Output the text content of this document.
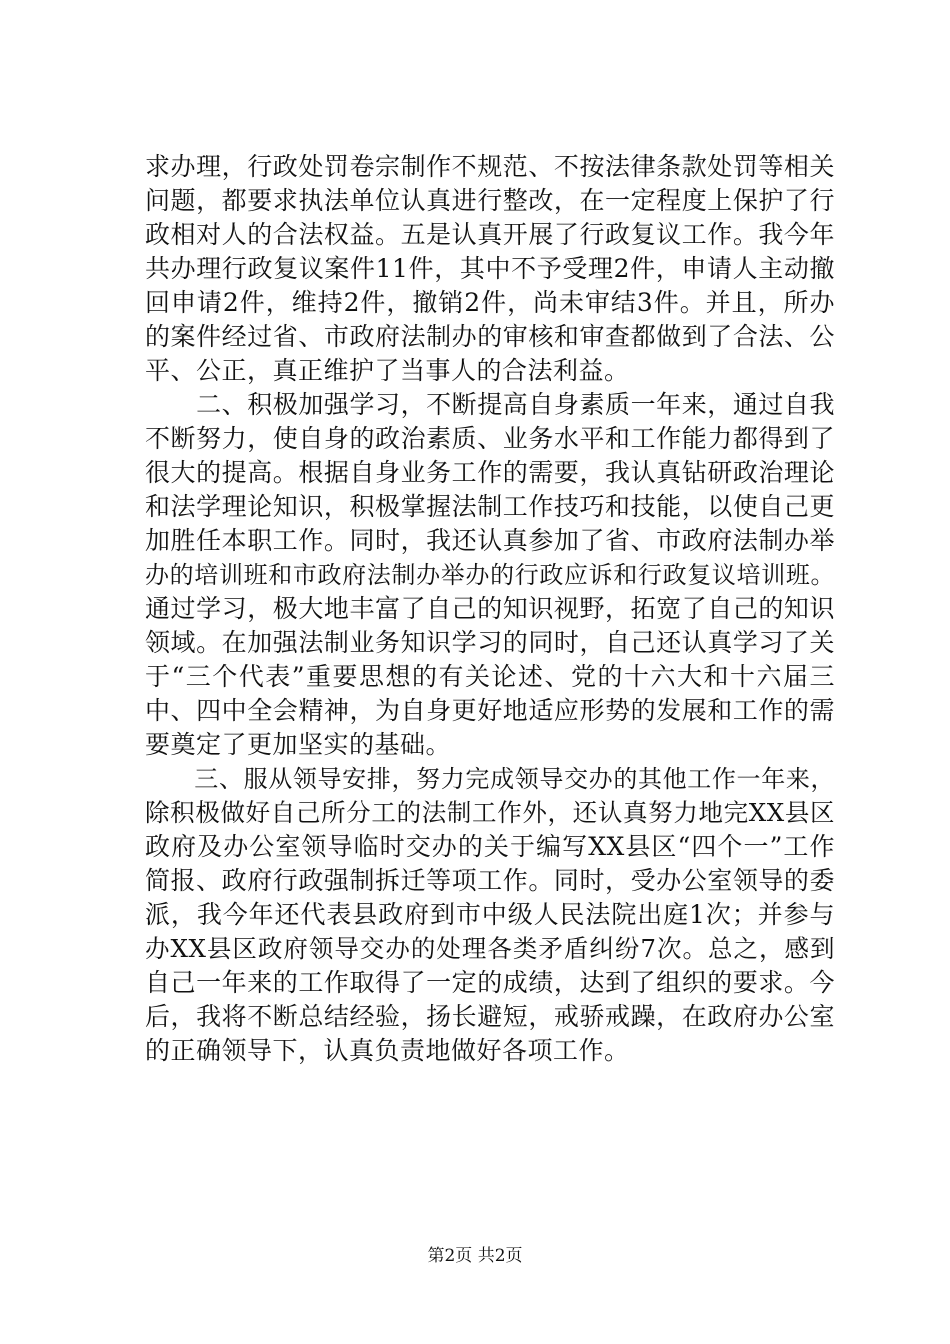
求办理，行政处罚卷宗制作不规范、不按法律条款处罚等相关
问题，都要求执法单位认真进行整改，在一定程度上保护了行
政相对人的合法权益。五是认真开展了行政复议工作。我今年
共办理行政复议案件11件，其中不予受理2件，申请人主动撤
回申请2件，维持2件，撤销2件，尚未审结3件。并且，所办
的案件经过省、市政府法制办的审核和审查都做到了合法、公
平、公正，真正维护了当事人的合法利益。
　　二、积极加强学习，不断提高自身素质一年来，通过自我
不断努力，使自身的政治素质、业务水平和工作能力都得到了
很大的提高。根据自身业务工作的需要，我认真钻研政治理论
和法学理论知识，积极掌握法制工作技巧和技能，以使自己更
加胜任本职工作。同时，我还认真参加了省、市政府法制办举
办的培训班和市政府法制办举办的行政应诉和行政复议培训班。
通过学习，极大地丰富了自己的知识视野，拓宽了自己的知识
领域。在加强法制业务知识学习的同时，自己还认真学习了关
于“三个代表”重要思想的有关论述、党的十六大和十六届三
中、四中全会精神，为自身更好地适应形势的发展和工作的需
要奠定了更加坚实的基础。
　　三、服从领导安排，努力完成领导交办的其他工作一年来，
除积极做好自己所分工的法制工作外，还认真努力地完XX县区
政府及办公室领导临时交办的关于编写XX县区“四个一”工作
简报、政府行政强制拆迁等项工作。同时，受办公室领导的委
派，我今年还代表县政府到市中级人民法院出庭1次；并参与
办XX县区政府领导交办的处理各类矛盾纠纷7次。总之，感到
自己一年来的工作取得了一定的成绩，达到了组织的要求。今
后，我将不断总结经验，扬长避短，戒骄戒躁，在政府办公室
的正确领导下，认真负责地做好各项工作。
第2页 共2页
